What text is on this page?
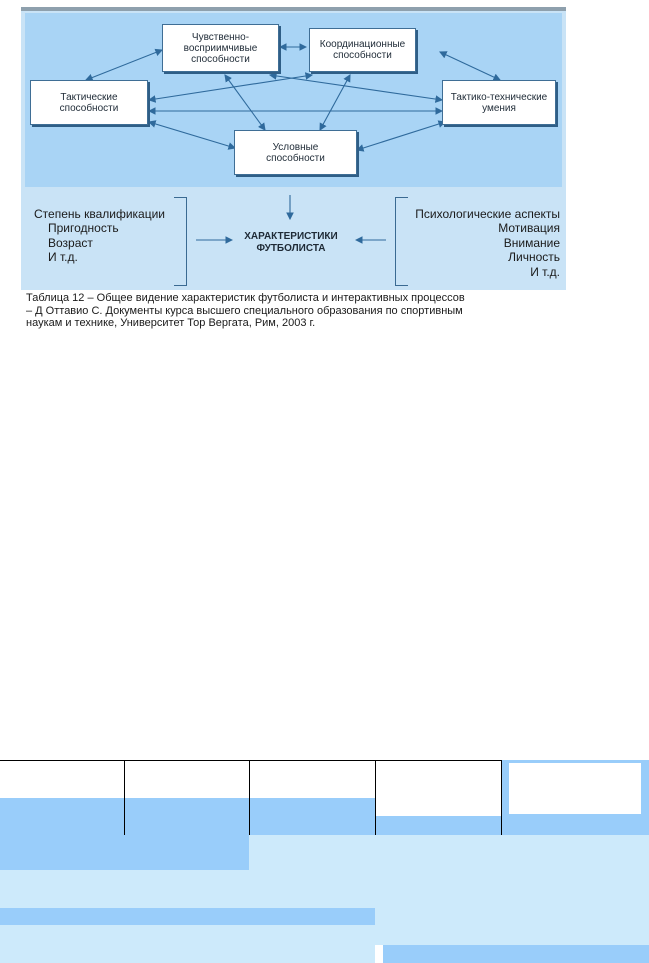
Чувственно-
восприимчивые
способности
Координационные
способности
Тактические
способности
Тактико-технические
умения
Условные
способности
Степень квалификации
Пригодность
Возраст
И т.д.
ХАРАКТЕРИСТИКИ
ФУТБОЛИСТА
Психологические аспекты
Мотивация
Внимание
Личность
И т.д.
Таблица 12 – Общее видение характеристик футболиста и интерактивных процессов
– Д Оттавио С. Документы курса высшего специального образования по спортивным
наукам и технике, Университет Тор Вергата, Рим, 2003 г.
